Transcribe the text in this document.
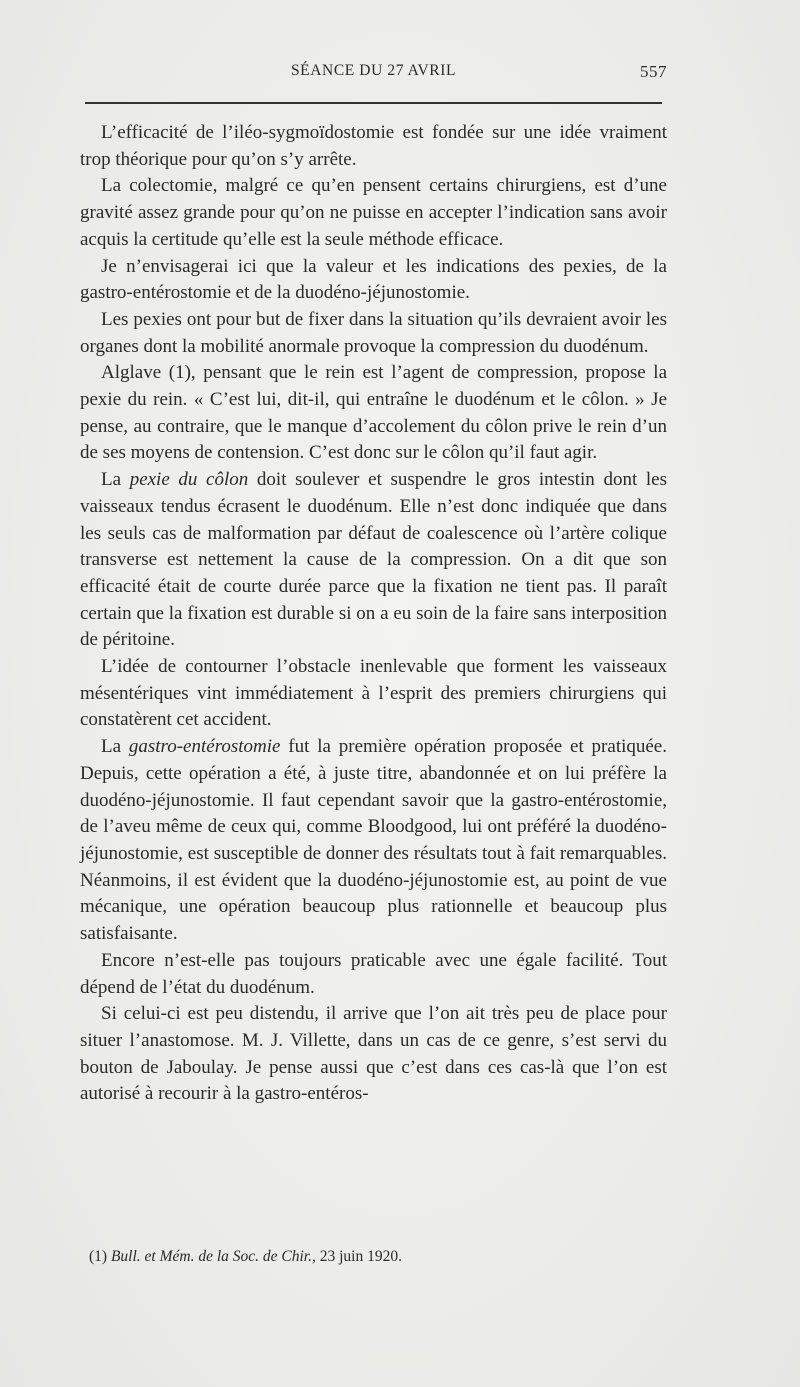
SÉANCE DU 27 AVRIL	557

L’efficacité de l’iléo-sygmoïdostomie est fondée sur une idée vraiment trop théorique pour qu’on s’y arrête.

La colectomie, malgré ce qu’en pensent certains chirurgiens, est d’une gravité assez grande pour qu’on ne puisse en accepter l’indication sans avoir acquis la certitude qu’elle est la seule méthode efficace.

Je n’envisagerai ici que la valeur et les indications des pexies, de la gastro-entérostomie et de la duodéno-jéjunostomie.

Les pexies ont pour but de fixer dans la situation qu’ils devraient avoir les organes dont la mobilité anormale provoque la compression du duodénum.

Alglave (1), pensant que le rein est l’agent de compression, propose la pexie du rein. « C’est lui, dit-il, qui entraîne le duodénum et le côlon. » Je pense, au contraire, que le manque d’accolement du côlon prive le rein d’un de ses moyens de contension. C’est donc sur le côlon qu’il faut agir.

La pexie du côlon doit soulever et suspendre le gros intestin dont les vaisseaux tendus écrasent le duodénum. Elle n’est donc indiquée que dans les seuls cas de malformation par défaut de coalescence où l’artère colique transverse est nettement la cause de la compression. On a dit que son efficacité était de courte durée parce que la fixation ne tient pas. Il paraît certain que la fixation est durable si on a eu soin de la faire sans interposition de péritoine.

L’idée de contourner l’obstacle inenlevable que forment les vaisseaux mésentériques vint immédiatement à l’esprit des premiers chirurgiens qui constatèrent cet accident.

La gastro-entérostomie fut la première opération proposée et pratiquée. Depuis, cette opération a été, à juste titre, abandonnée et on lui préfère la duodéno-jéjunostomie. Il faut cependant savoir que la gastro-entérostomie, de l’aveu même de ceux qui, comme Bloodgood, lui ont préféré la duodéno-jéjunostomie, est susceptible de donner des résultats tout à fait remarquables. Néanmoins, il est évident que la duodéno-jéjunostomie est, au point de vue mécanique, une opération beaucoup plus rationnelle et beaucoup plus satisfaisante.

Encore n’est-elle pas toujours praticable avec une égale facilité. Tout dépend de l’état du duodénum.

Si celui-ci est peu distendu, il arrive que l’on ait très peu de place pour situer l’anastomose. M. J. Villette, dans un cas de ce genre, s’est servi du bouton de Jaboulay. Je pense aussi que c’est dans ces cas-là que l’on est autorisé à recourir à la gastro-entéros-

(1) Bull. et Mém. de la Soc. de Chir., 23 juin 1920.
